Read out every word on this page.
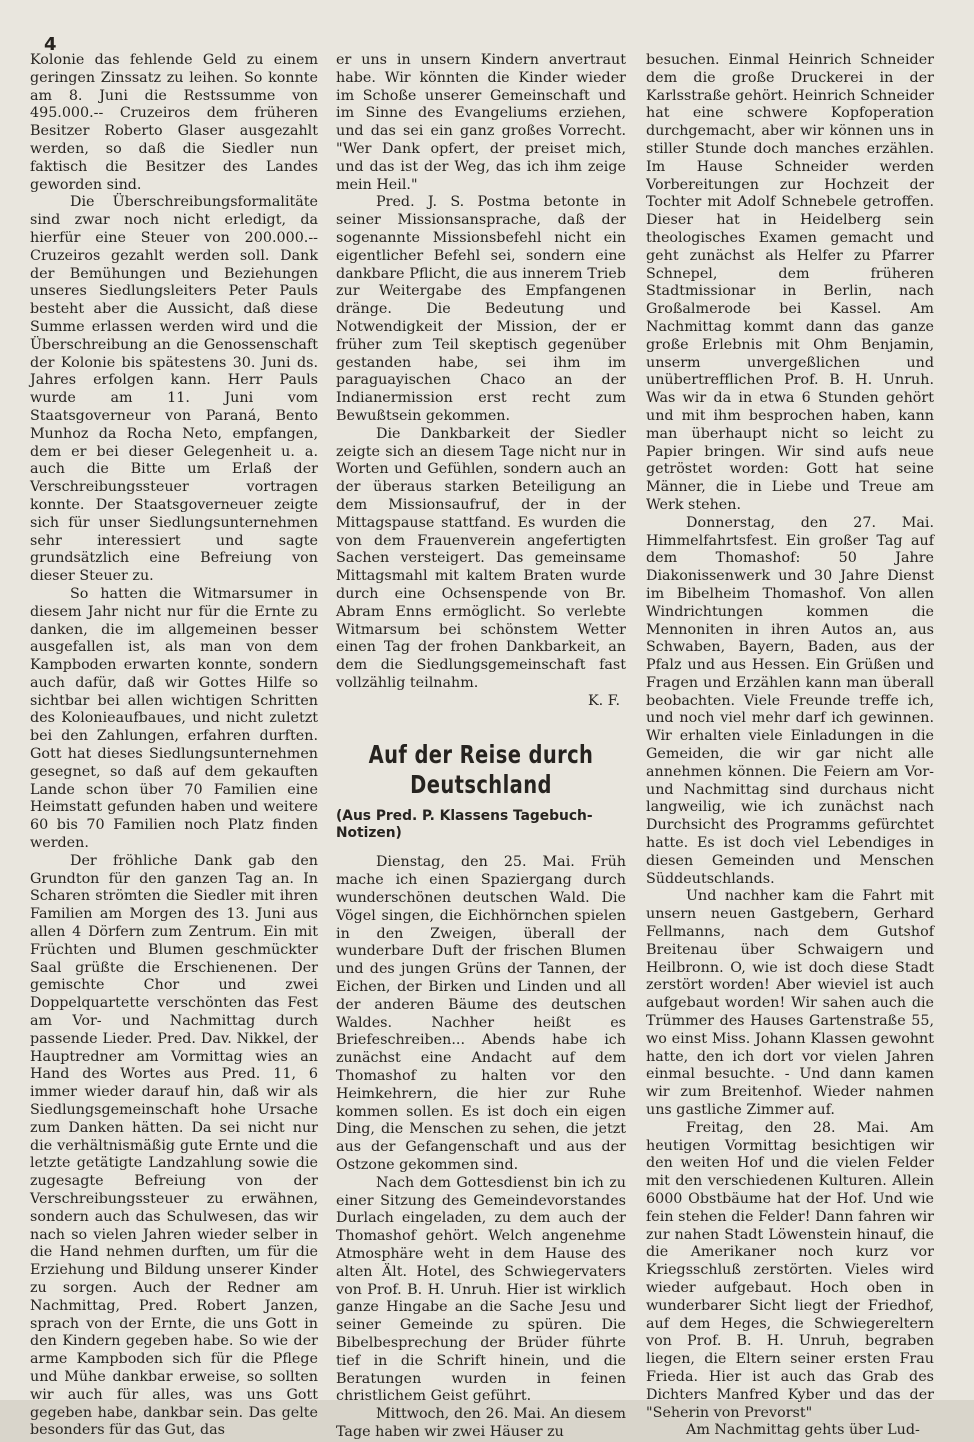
4

Kolonie das fehlende Geld zu einem geringen Zinssatz zu leihen. So konnte am 8. Juni die Restssumme von 495.000.-- Cruzeiros dem früheren Besitzer Roberto Glaser ausgezahlt werden, so daß die Siedler nun faktisch die Besitzer des Landes geworden sind.

Die Überschreibungsformalitäte sind zwar noch nicht erledigt, da hierfür eine Steuer von 200.000.-- Cruzeiros gezahlt werden soll. Dank der Bemühungen und Beziehungen unseres Siedlungsleiters Peter Pauls besteht aber die Aussicht, daß diese Summe erlassen werden wird und die Überschreibung an die Genossenschaft der Kolonie bis spätestens 30. Juni ds. Jahres erfolgen kann. Herr Pauls wurde am 11. Juni vom Staatsgoverneur von Paraná, Bento Munhoz da Rocha Neto, empfangen, dem er bei dieser Gelegenheit u. a. auch die Bitte um Erlaß der Verschreibungssteuer vortragen konnte. Der Staatsgoverneuer zeigte sich für unser Siedlungsunternehmen sehr interessiert und sagte grundsätzlich eine Befreiung von dieser Steuer zu.

So hatten die Witmarsumer in diesem Jahr nicht nur für die Ernte zu danken, die im allgemeinen besser ausgefallen ist, als man von dem Kampboden erwarten konnte, sondern auch dafür, daß wir Gottes Hilfe so sichtbar bei allen wichtigen Schritten des Kolonieaufbaues, und nicht zuletzt bei den Zahlungen, erfahren durften. Gott hat dieses Siedlungsunternehmen gesegnet, so daß auf dem gekauften Lande schon über 70 Familien eine Heimstatt gefunden haben und weitere 60 bis 70 Familien noch Platz finden werden.

Der fröhliche Dank gab den Grundton für den ganzen Tag an. In Scharen strömten die Siedler mit ihren Familien am Morgen des 13. Juni aus allen 4 Dörfern zum Zentrum. Ein mit Früchten und Blumen geschmückter Saal grüßte die Erschienenen. Der gemischte Chor und zwei Doppelquartette verschönten das Fest am Vor- und Nachmittag durch passende Lieder. Pred. Dav. Nikkel, der Hauptredner am Vormittag wies an Hand des Wortes aus Pred. 11, 6 immer wieder darauf hin, daß wir als Siedlungsgemeinschaft hohe Ursache zum Danken hätten. Da sei nicht nur die verhältnismäßig gute Ernte und die letzte getätigte Landzahlung sowie die zugesagte Befreiung von der Verschreibungssteuer zu erwähnen, sondern auch das Schulwesen, das wir nach so vielen Jahren wieder selber in die Hand nehmen durften, um für die Erziehung und Bildung unserer Kinder zu sorgen. Auch der Redner am Nachmittag, Pred. Robert Janzen, sprach von der Ernte, die uns Gott in den Kindern gegeben habe. So wie der arme Kampboden sich für die Pflege und Mühe dankbar erweise, so sollten wir auch für alles, was uns Gott gegeben habe, dankbar sein. Das gelte besonders für das Gut, das

er uns in unsern Kindern anvertraut habe. Wir könnten die Kinder wieder im Schoße unserer Gemeinschaft und im Sinne des Evangeliums erziehen, und das sei ein ganz großes Vorrecht. "Wer Dank opfert, der preiset mich, und das ist der Weg, das ich ihm zeige mein Heil."

Pred. J. S. Postma betonte in seiner Missionsansprache, daß der sogenannte Missionsbefehl nicht ein eigentlicher Befehl sei, sondern eine dankbare Pflicht, die aus innerem Trieb zur Weitergabe des Empfangenen dränge. Die Bedeutung und Notwendigkeit der Mission, der er früher zum Teil skeptisch gegenüber gestanden habe, sei ihm im paraguayischen Chaco an der Indianermission erst recht zum Bewußtsein gekommen.

Die Dankbarkeit der Siedler zeigte sich an diesem Tage nicht nur in Worten und Gefühlen, sondern auch an der überaus starken Beteiligung an dem Missionsaufruf, der in der Mittagspause stattfand. Es wurden die von dem Frauenverein angefertigten Sachen versteigert. Das gemeinsame Mittagsmahl mit kaltem Braten wurde durch eine Ochsenspende von Br. Abram Enns ermöglicht. So verlebte Witmarsum bei schönstem Wetter einen Tag der frohen Dankbarkeit, an dem die Siedlungsgemeinschaft fast vollzählig teilnahm.

K. F.

Auf der Reise durch Deutschland
(Aus Pred. P. Klassens Tagebuch-Notizen)

Dienstag, den 25. Mai. Früh mache ich einen Spaziergang durch wunderschönen deutschen Wald. Die Vögel singen, die Eichhörnchen spielen in den Zweigen, überall der wunderbare Duft der frischen Blumen und des jungen Grüns der Tannen, der Eichen, der Birken und Linden und all der anderen Bäume des deutschen Waldes. Nachher heißt es Briefeschreiben... Abends habe ich zunächst eine Andacht auf dem Thomashof zu halten vor den Heimkehrern, die hier zur Ruhe kommen sollen. Es ist doch ein eigen Ding, die Menschen zu sehen, die jetzt aus der Gefangenschaft und aus der Ostzone gekommen sind.

Nach dem Gottesdienst bin ich zu einer Sitzung des Gemeindevorstandes Durlach eingeladen, zu dem auch der Thomashof gehört. Welch angenehme Atmosphäre weht in dem Hause des alten Ält. Hotel, des Schwiegervaters von Prof. B. H. Unruh. Hier ist wirklich ganze Hingabe an die Sache Jesu und seiner Gemeinde zu spüren. Die Bibelbesprechung der Brüder führte tief in die Schrift hinein, und die Beratungen wurden in feinen christlichem Geist geführt.

Mittwoch, den 26. Mai. An diesem Tage haben wir zwei Häuser zu

besuchen. Einmal Heinrich Schneider dem die große Druckerei in der Karlsstraße gehört. Heinrich Schneider hat eine schwere Kopfoperation durchgemacht, aber wir können uns in stiller Stunde doch manches erzählen. Im Hause Schneider werden Vorbereitungen zur Hochzeit der Tochter mit Adolf Schnebele getroffen. Dieser hat in Heidelberg sein theologisches Examen gemacht und geht zunächst als Helfer zu Pfarrer Schnepel, dem früheren Stadtmissionar in Berlin, nach Großalmerode bei Kassel. Am Nachmittag kommt dann das ganze große Erlebnis mit Ohm Benjamin, unserm unvergeßlichen und unübertrefflichen Prof. B. H. Unruh. Was wir da in etwa 6 Stunden gehört und mit ihm besprochen haben, kann man überhaupt nicht so leicht zu Papier bringen. Wir sind aufs neue getröstet worden: Gott hat seine Männer, die in Liebe und Treue am Werk stehen.

Donnerstag, den 27. Mai. Himmelfahrtsfest. Ein großer Tag auf dem Thomashof: 50 Jahre Diakonissenwerk und 30 Jahre Dienst im Bibelheim Thomashof. Von allen Windrichtungen kommen die Mennoniten in ihren Autos an, aus Schwaben, Bayern, Baden, aus der Pfalz und aus Hessen. Ein Grüßen und Fragen und Erzählen kann man überall beobachten. Viele Freunde treffe ich, und noch viel mehr darf ich gewinnen. Wir erhalten viele Einladungen in die Gemeiden, die wir gar nicht alle annehmen können. Die Feiern am Vor- und Nachmittag sind durchaus nicht langweilig, wie ich zunächst nach Durchsicht des Programms gefürchtet hatte. Es ist doch viel Lebendiges in diesen Gemeinden und Menschen Süddeutschlands.

Und nachher kam die Fahrt mit unsern neuen Gastgebern, Gerhard Fellmanns, nach dem Gutshof Breitenau über Schwaigern und Heilbronn. O, wie ist doch diese Stadt zerstört worden! Aber wieviel ist auch aufgebaut worden! Wir sahen auch die Trümmer des Hauses Gartenstraße 55, wo einst Miss. Johann Klassen gewohnt hatte, den ich dort vor vielen Jahren einmal besuchte. - Und dann kamen wir zum Breitenhof. Wieder nahmen uns gastliche Zimmer auf.

Freitag, den 28. Mai. Am heutigen Vormittag besichtigen wir den weiten Hof und die vielen Felder mit den verschiedenen Kulturen. Allein 6000 Obstbäume hat der Hof. Und wie fein stehen die Felder! Dann fahren wir zur nahen Stadt Löwenstein hinauf, die die Amerikaner noch kurz vor Kriegsschluß zerstörten. Vieles wird wieder aufgebaut. Hoch oben in wunderbarer Sicht liegt der Friedhof, auf dem Heges, die Schwiegereltern von Prof. B. H. Unruh, begraben liegen, die Eltern seiner ersten Frau Frieda. Hier ist auch das Grab des Dichters Manfred Kyber und das der "Seherin von Prevorst"

Am Nachmittag gehts über Lud-
